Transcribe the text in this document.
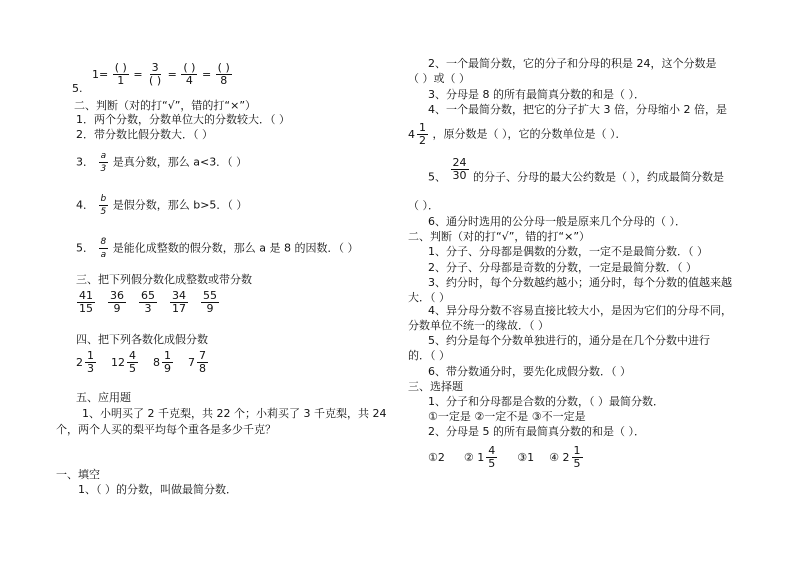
5. $1= \frac{( )}{1} = \frac{3}{( )} = \frac{( )}{4} = \frac{( )}{8}$
二、判断（对的打“√”，错的打“×”）
1．两个分数，分数单位大的分数较大．（ ）
2．带分数比假分数大．（ ）
3． $\frac{a}{3}$ 是真分数，那么 a<3．（ ）
4． $\frac{b}{5}$ 是假分数，那么 b>5．（ ）
5． $\frac{8}{a}$ 是能化成整数的假分数，那么 a 是 8 的因数．（ ）
三、把下列假分数化成整数或带分数
$\frac{41}{15} \frac{36}{9} \frac{65}{3} \frac{34}{17} \frac{55}{9}$
四、把下列各数化成假分数
$2 \frac{1}{3} 12 \frac{4}{5} 8 \frac{1}{9} 7 \frac{7}{8}$
五、应用题
1、小明买了 2 千克梨，共 22 个；小莉买了 3 千克梨，共 24
个，两个人买的梨平均每个重各是多少千克？
一、填空
1、（ ）的分数，叫做最简分数．
2、一个最简分数，它的分子和分母的积是 24，这个分数是
（ ）或（ ）
3、分母是 8 的所有最简真分数的和是（ ）．
4、一个最简分数，把它的分子扩大 3 倍，分母缩小 2 倍，是
$4 \frac{1}{2}$ ，原分数是（ ），它的分数单位是（ ）．
5、 $\frac{24}{30}$ 的分子、分母的最大公约数是（ ），约成最简分数是
（ ）．
6、通分时选用的公分母一般是原来几个分母的（ ）．
二、判断（对的打“√”，错的打“×”）
1、分子、分母都是偶数的分数，一定不是最简分数．（ ）
2、分子、分母都是奇数的分数，一定是最简分数．（ ）
3、约分时，每个分数越约越小；通分时，每个分数的值越来越
大．（ ）
4、异分母分数不容易直接比较大小，是因为它们的分母不同，
分数单位不统一的缘故．（ ）
5、约分是每个分数单独进行的，通分是在几个分数中进行
的．（ ）
6、带分数通分时，要先化成假分数．（ ）
三、选择题
1、分子和分母都是合数的分数，（ ）最简分数．
①一定是 ②一定不是 ③不一定是
2、分母是 5 的所有最简真分数的和是（ ）．
①2 ② $1 \frac{4}{5}$ ③1 ④ $2 \frac{1}{5}$
